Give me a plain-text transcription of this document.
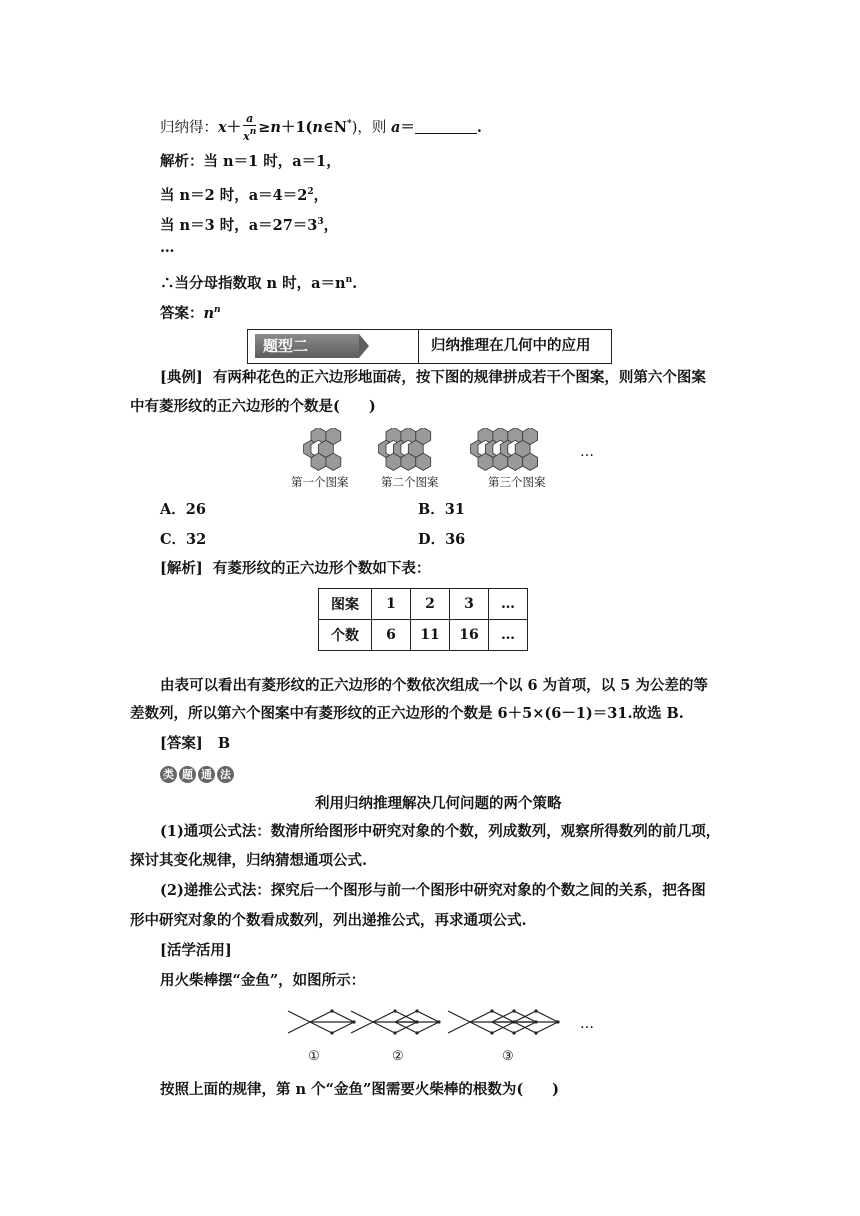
归纳得：$x+ \frac{a}{x^n}$ ≥n＋1(n∈N*)，则 a＝	.
解析：当 n＝1 时，a＝1，
当 n＝2 时，$a=4=2^2$，
当 n＝3 时，$a=27=3^3$，
…
∴当分母指数取 n 时，$a=n^n$.
答案：$n^n$
题型二	归纳推理在几何中的应用
[典例] 有两种花色的正六边形地面砖，按下图的规律拼成若干个图案，则第六个图案
中有菱形纹的正六边形的个数是(　　)
第一个图案	第二个图案	第三个图案
…
A．26	B．31
C．32	D．36
[解析] 有菱形纹的正六边形个数如下表：
图案	1	2	3	…
个数	6	11	16	…
由表可以看出有菱形纹的正六边形的个数依次组成一个以 6 为首项，以 5 为公差的等
差数列，所以第六个图案中有菱形纹的正六边形的个数是 6＋5×(6－1)＝31.故选 B.
[答案] B
类 题 通 法
利用归纳推理解决几何问题的两个策略
(1)通项公式法：数清所给图形中研究对象的个数，列成数列，观察所得数列的前几项，
探讨其变化规律，归纳猜想通项公式.
(2)递推公式法：探究后一个图形与前一个图形中研究对象的个数之间的关系，把各图
形中研究对象的个数看成数列，列出递推公式，再求通项公式.
[活学活用]
用火柴棒摆“金鱼”，如图所示：
①	②	③
…
按照上面的规律，第 n 个“金鱼”图需要火柴棒的根数为(　　)
